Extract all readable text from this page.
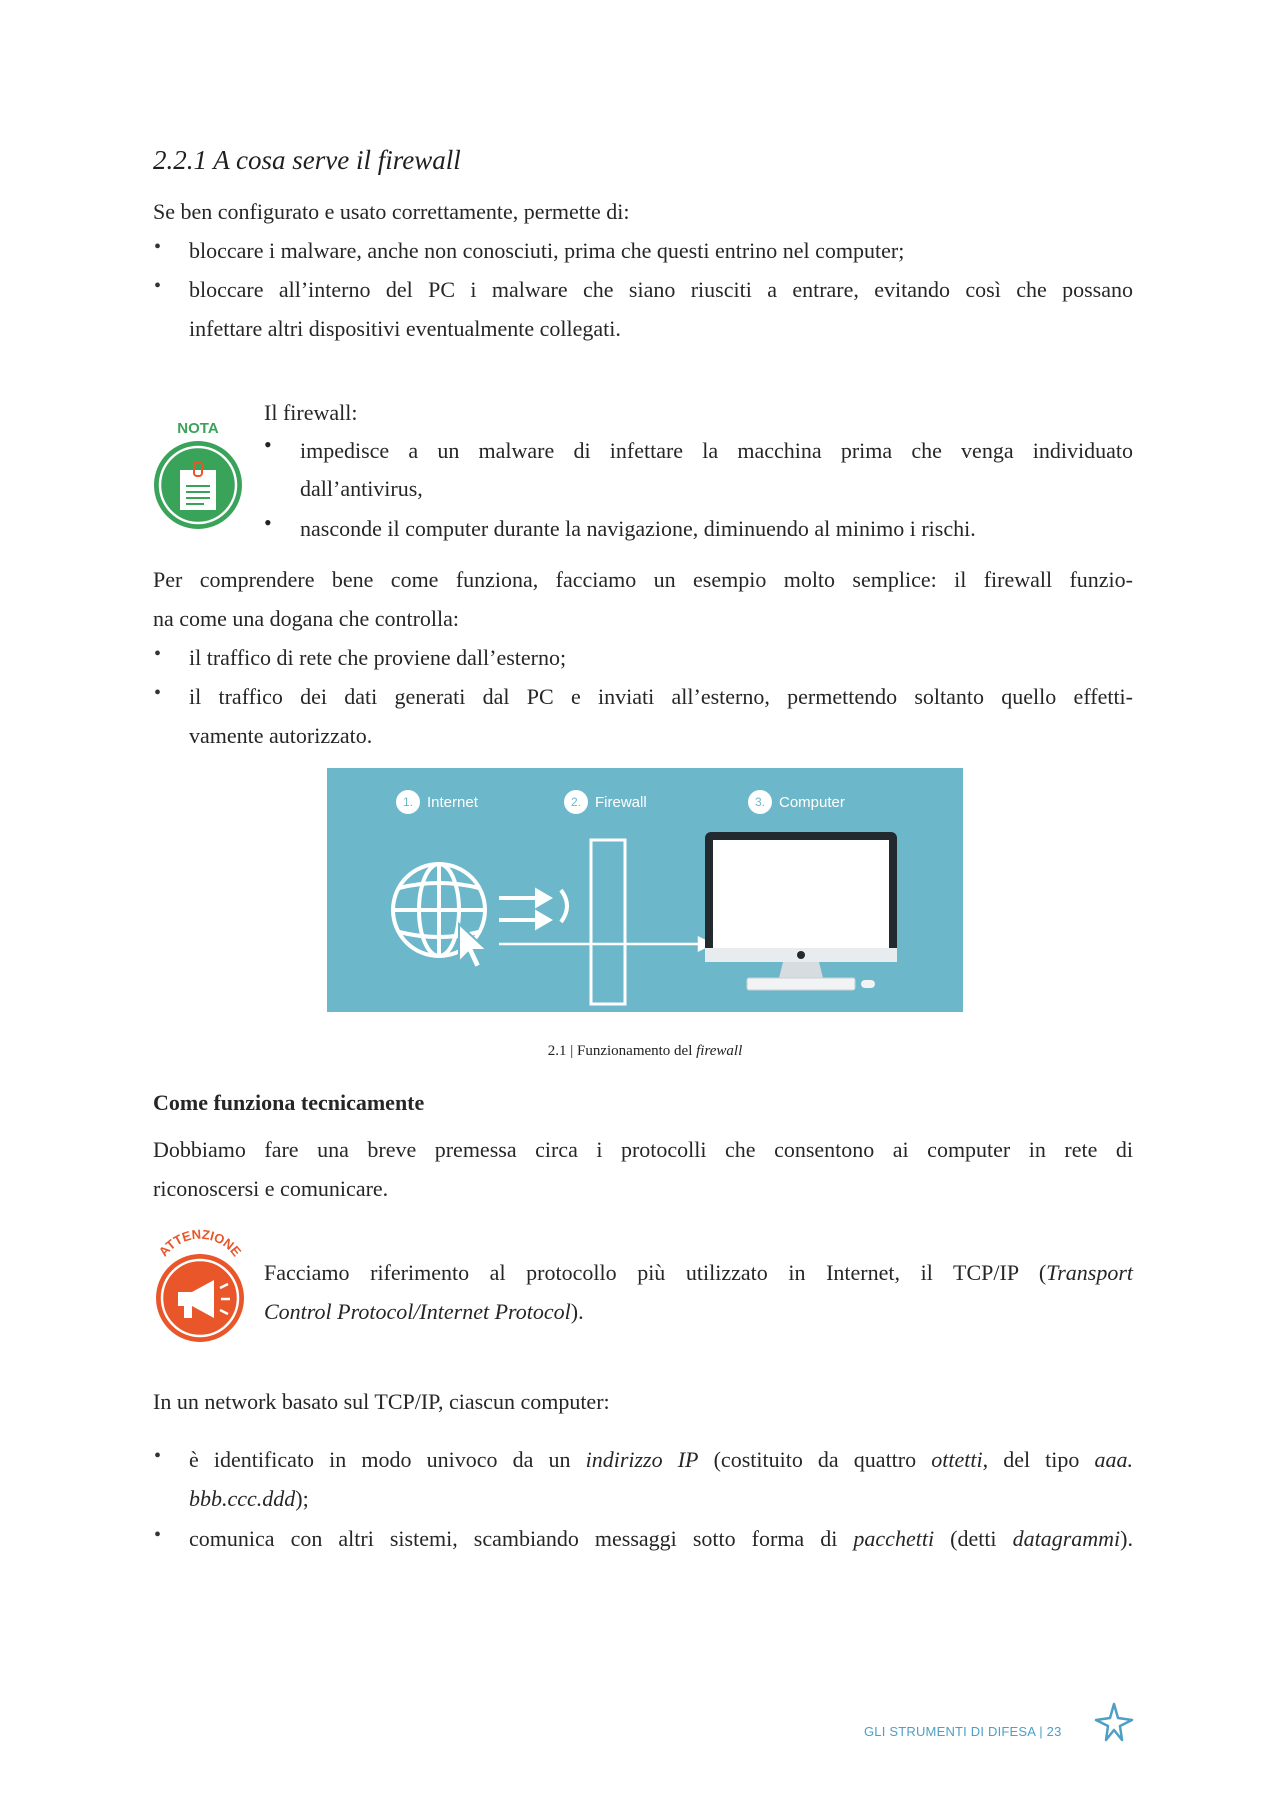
2.2.1 A cosa serve il firewall
Se ben configurato e usato correttamente, permette di:
• bloccare i malware, anche non conosciuti, prima che questi entrino nel computer;
• bloccare all’interno del PC i malware che siano riusciti a entrare, evitando così che possano
infettare altri dispositivi eventualmente collegati.
NOTA
Il firewall:
• impedisce a un malware di infettare la macchina prima che venga individuato
dall’antivirus,
• nasconde il computer durante la navigazione, diminuendo al minimo i rischi.
Per comprendere bene come funziona, facciamo un esempio molto semplice: il firewall funzio-
na come una dogana che controlla:
• il traffico di rete che proviene dall’esterno;
• il traffico dei dati generati dal PC e inviati all’esterno, permettendo soltanto quello effetti-
vamente autorizzato.
1. Internet	2. Firewall	3. Computer
2.1 | Funzionamento del firewall
Come funziona tecnicamente
Dobbiamo fare una breve premessa circa i protocolli che consentono ai computer in rete di
riconoscersi e comunicare.
ATTENZIONE
Facciamo riferimento al protocollo più utilizzato in Internet, il TCP/IP (Transport
Control Protocol/Internet Protocol).
In un network basato sul TCP/IP, ciascun computer:
• è identificato in modo univoco da un indirizzo IP (costituito da quattro ottetti, del tipo aaa.
bbb.ccc.ddd);
• comunica con altri sistemi, scambiando messaggi sotto forma di pacchetti (detti datagrammi).
GLI STRUMENTI DI DIFESA | 23
